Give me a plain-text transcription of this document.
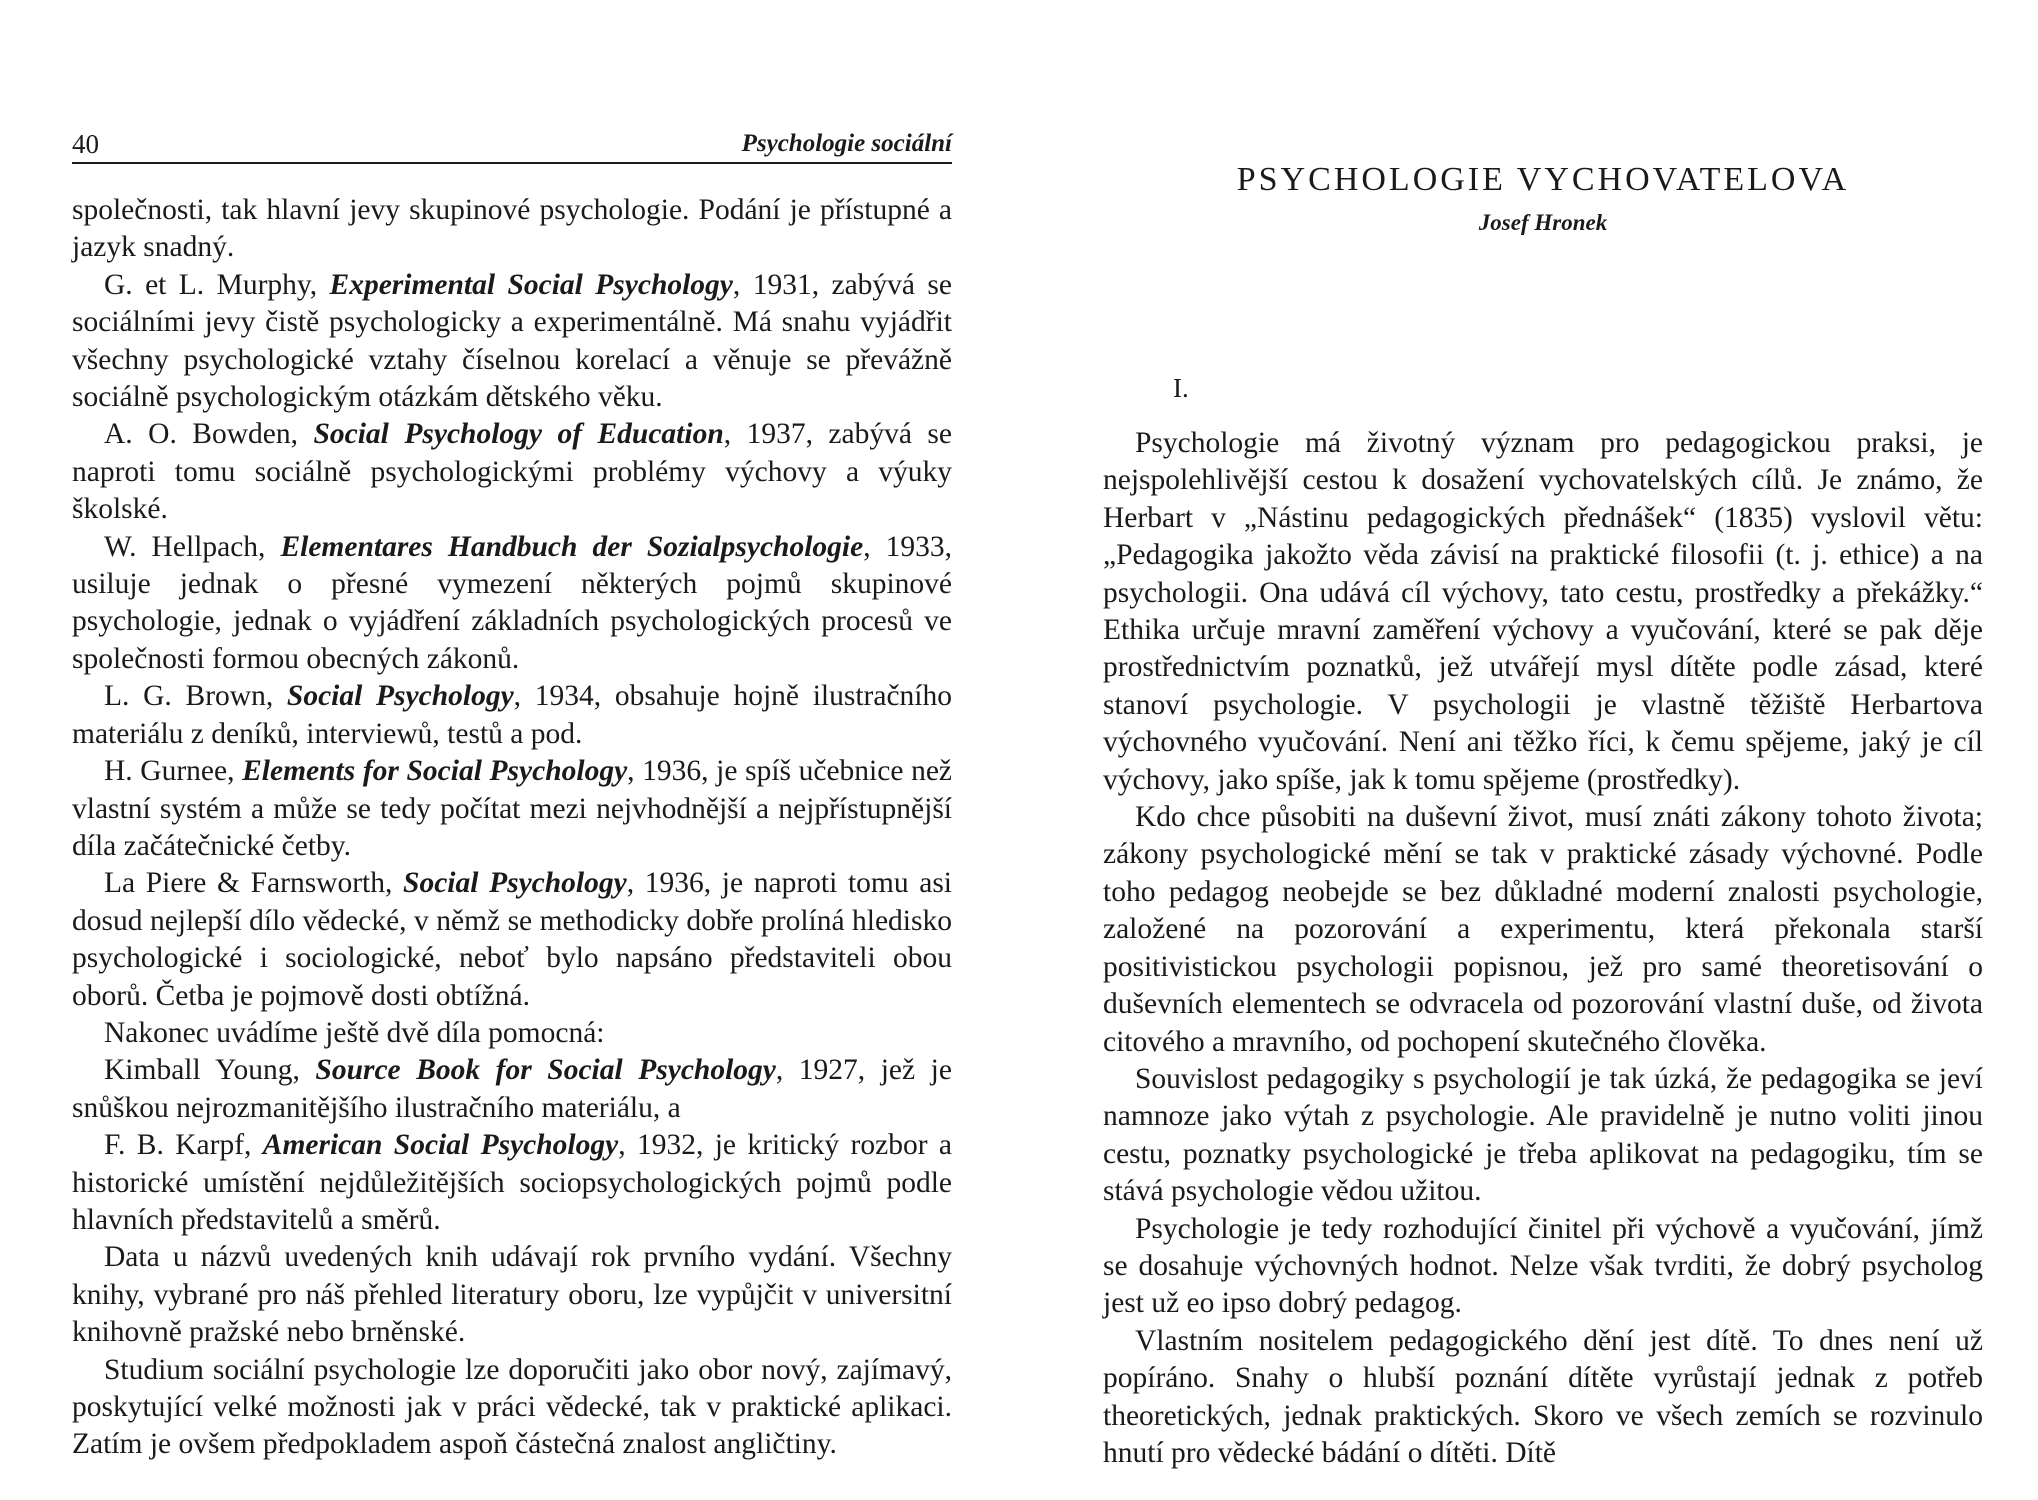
40	Psychologie sociální

společnosti, tak hlavní jevy skupinové psychologie. Podání je přístupné a jazyk snadný.

G. et L. Murphy, Experimental Social Psychology, 1931, zabývá se sociálními jevy čistě psychologicky a experimentálně. Má snahu vyjádřit všechny psychologické vztahy číselnou korelací a věnuje se převážně sociálně psychologickým otázkám dětského věku.

A. O. Bowden, Social Psychology of Education, 1937, zabývá se naproti tomu sociálně psychologickými problémy výchovy a výuky školské.

W. Hellpach, Elementares Handbuch der Sozialpsychologie, 1933, usiluje jednak o přesné vymezení některých pojmů skupinové psychologie, jednak o vyjádření základních psychologických procesů ve společnosti formou obecných zákonů.

L. G. Brown, Social Psychology, 1934, obsahuje hojně ilustračního materiálu z deníků, interviewů, testů a pod.

H. Gurnee, Elements for Social Psychology, 1936, je spíš učebnice než vlastní systém a může se tedy počítat mezi nejvhodnější a nejpřístupnější díla začátečnické četby.

La Piere & Farnsworth, Social Psychology, 1936, je naproti tomu asi dosud nejlepší dílo vědecké, v němž se methodicky dobře prolíná hledisko psychologické i sociologické, neboť bylo napsáno představiteli obou oborů. Četba je pojmově dosti obtížná.

Nakonec uvádíme ještě dvě díla pomocná:

Kimball Young, Source Book for Social Psychology, 1927, jež je snůškou nejrozmanitějšího ilustračního materiálu, a

F. B. Karpf, American Social Psychology, 1932, je kritický rozbor a historické umístění nejdůležitějších sociopsychologických pojmů podle hlavních představitelů a směrů.

Data u názvů uvedených knih udávají rok prvního vydání. Všechny knihy, vybrané pro náš přehled literatury oboru, lze vypůjčit v universitní knihovně pražské nebo brněnské.

Studium sociální psychologie lze doporučiti jako obor nový, zajímavý, poskytující velké možnosti jak v práci vědecké, tak v praktické aplikaci. Zatím je ovšem předpokladem aspoň částečná znalost angličtiny.

PSYCHOLOGIE VYCHOVATELOVA
Josef Hronek
I.

Psychologie má životný význam pro pedagogickou praksi, je nejspolehlivější cestou k dosažení vychovatelských cílů. Je známo, že Herbart v „Nástinu pedagogických přednášek“ (1835) vyslovil větu: „Pedagogika jakožto věda závisí na praktické filosofii (t. j. ethice) a na psychologii. Ona udává cíl výchovy, tato cestu, prostředky a překážky.“ Ethika určuje mravní zaměření výchovy a vyučování, které se pak děje prostřednictvím poznatků, jež utvářejí mysl dítěte podle zásad, které stanoví psychologie. V psychologii je vlastně těžiště Herbartova výchovného vyučování. Není ani těžko říci, k čemu spějeme, jaký je cíl výchovy, jako spíše, jak k tomu spějeme (prostředky).

Kdo chce působiti na duševní život, musí znáti zákony tohoto života; zákony psychologické mění se tak v praktické zásady výchovné. Podle toho pedagog neobejde se bez důkladné moderní znalosti psychologie, založené na pozorování a experimentu, která překonala starší positivistickou psychologii popisnou, jež pro samé theoretisování o duševních elementech se odvracela od pozorování vlastní duše, od života citového a mravního, od pochopení skutečného člověka.

Souvislost pedagogiky s psychologií je tak úzká, že pedagogika se jeví namnoze jako výtah z psychologie. Ale pravidelně je nutno voliti jinou cestu, poznatky psychologické je třeba aplikovat na pedagogiku, tím se stává psychologie vědou užitou.

Psychologie je tedy rozhodující činitel při výchově a vyučování, jímž se dosahuje výchovných hodnot. Nelze však tvrditi, že dobrý psycholog jest už eo ipso dobrý pedagog.

Vlastním nositelem pedagogického dění jest dítě. To dnes není už popíráno. Snahy o hlubší poznání dítěte vyrůstají jednak z potřeb theoretických, jednak praktických. Skoro ve všech zemích se rozvinulo hnutí pro vědecké bádání o dítěti. Dítě
